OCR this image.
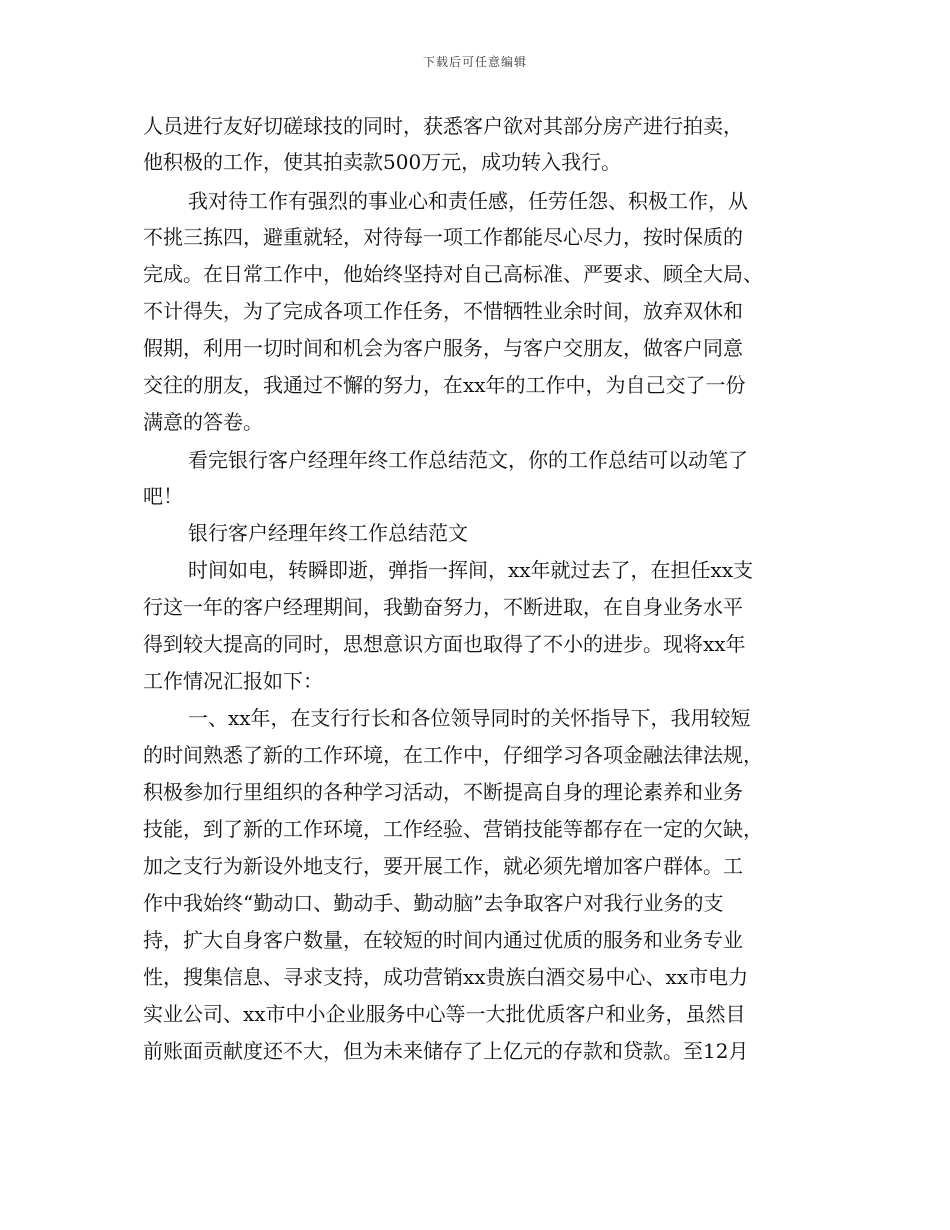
下载后可任意编辑
人员进行友好切磋球技的同时，获悉客户欲对其部分房产进行拍卖，
他积极的工作，使其拍卖款500万元，成功转入我行。
我对待工作有强烈的事业心和责任感，任劳任怨、积极工作，从
不挑三拣四，避重就轻，对待每一项工作都能尽心尽力，按时保质的
完成。在日常工作中，他始终坚持对自己高标准、严要求、顾全大局、
不计得失，为了完成各项工作任务，不惜牺牲业余时间，放弃双休和
假期，利用一切时间和机会为客户服务，与客户交朋友，做客户同意
交往的朋友，我通过不懈的努力，在xx年的工作中，为自己交了一份
满意的答卷。
看完银行客户经理年终工作总结范文，你的工作总结可以动笔了
吧！
银行客户经理年终工作总结范文
时间如电，转瞬即逝，弹指一挥间，xx年就过去了，在担任xx支
行这一年的客户经理期间，我勤奋努力，不断进取，在自身业务水平
得到较大提高的同时，思想意识方面也取得了不小的进步。现将xx年
工作情况汇报如下：
一、xx年，在支行行长和各位领导同时的关怀指导下，我用较短
的时间熟悉了新的工作环境，在工作中，仔细学习各项金融法律法规，
积极参加行里组织的各种学习活动，不断提高自身的理论素养和业务
技能，到了新的工作环境，工作经验、营销技能等都存在一定的欠缺，
加之支行为新设外地支行，要开展工作，就必须先增加客户群体。工
作中我始终“勤动口、勤动手、勤动脑”去争取客户对我行业务的支
持，扩大自身客户数量，在较短的时间内通过优质的服务和业务专业
性，搜集信息、寻求支持，成功营销xx贵族白酒交易中心、xx市电力
实业公司、xx市中小企业服务中心等一大批优质客户和业务，虽然目
前账面贡献度还不大，但为未来储存了上亿元的存款和贷款。至12月
